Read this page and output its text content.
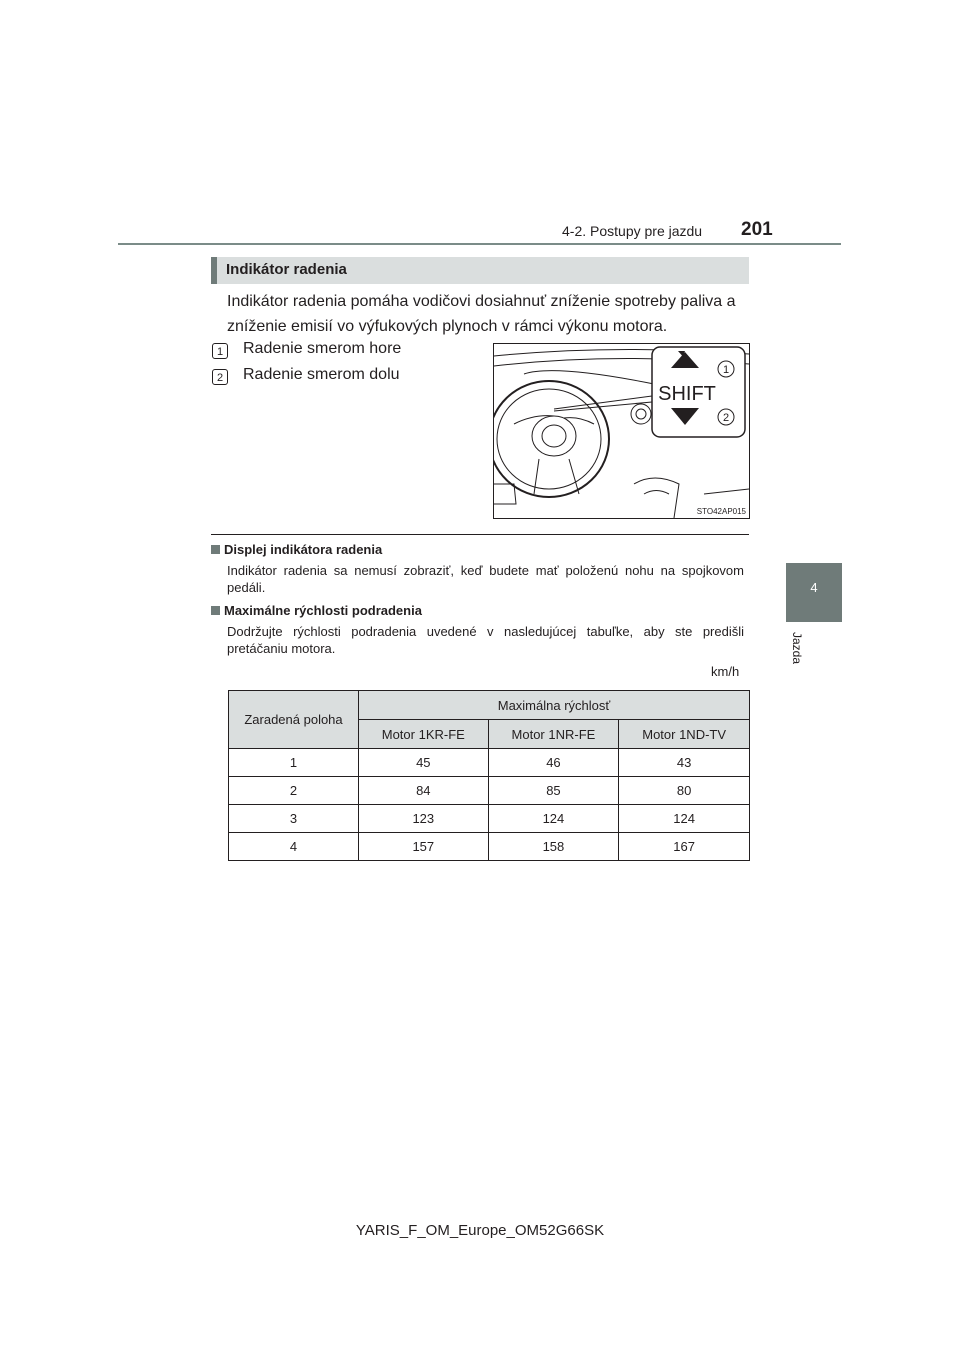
4-2. Postupy pre jazdu 201
4
Jazda
Indikátor radenia
Indikátor radenia pomáha vodičovi dosiahnuť zníženie spotreby paliva a zníženie emisií vo výfukových plynoch v rámci výkonu motora.
1	Radenie smerom hore
2	Radenie smerom dolu
SHIFT
1
2
STO42AP015
Displej indikátora radenia
Indikátor radenia sa nemusí zobraziť, keď budete mať položenú nohu na spojkovom pedáli.
Maximálne rýchlosti podradenia
Dodržujte rýchlosti podradenia uvedené v nasledujúcej tabuľke, aby ste predišli pretáčaniu motora.
km/h
Zaradená poloha	Maximálna rýchlosť		
	Motor 1KR-FE	Motor 1NR-FE	Motor 1ND-TV
1	45	46	43
2	84	85	80
3	123	124	124
4	157	158	167
YARIS_F_OM_Europe_OM52G66SK
